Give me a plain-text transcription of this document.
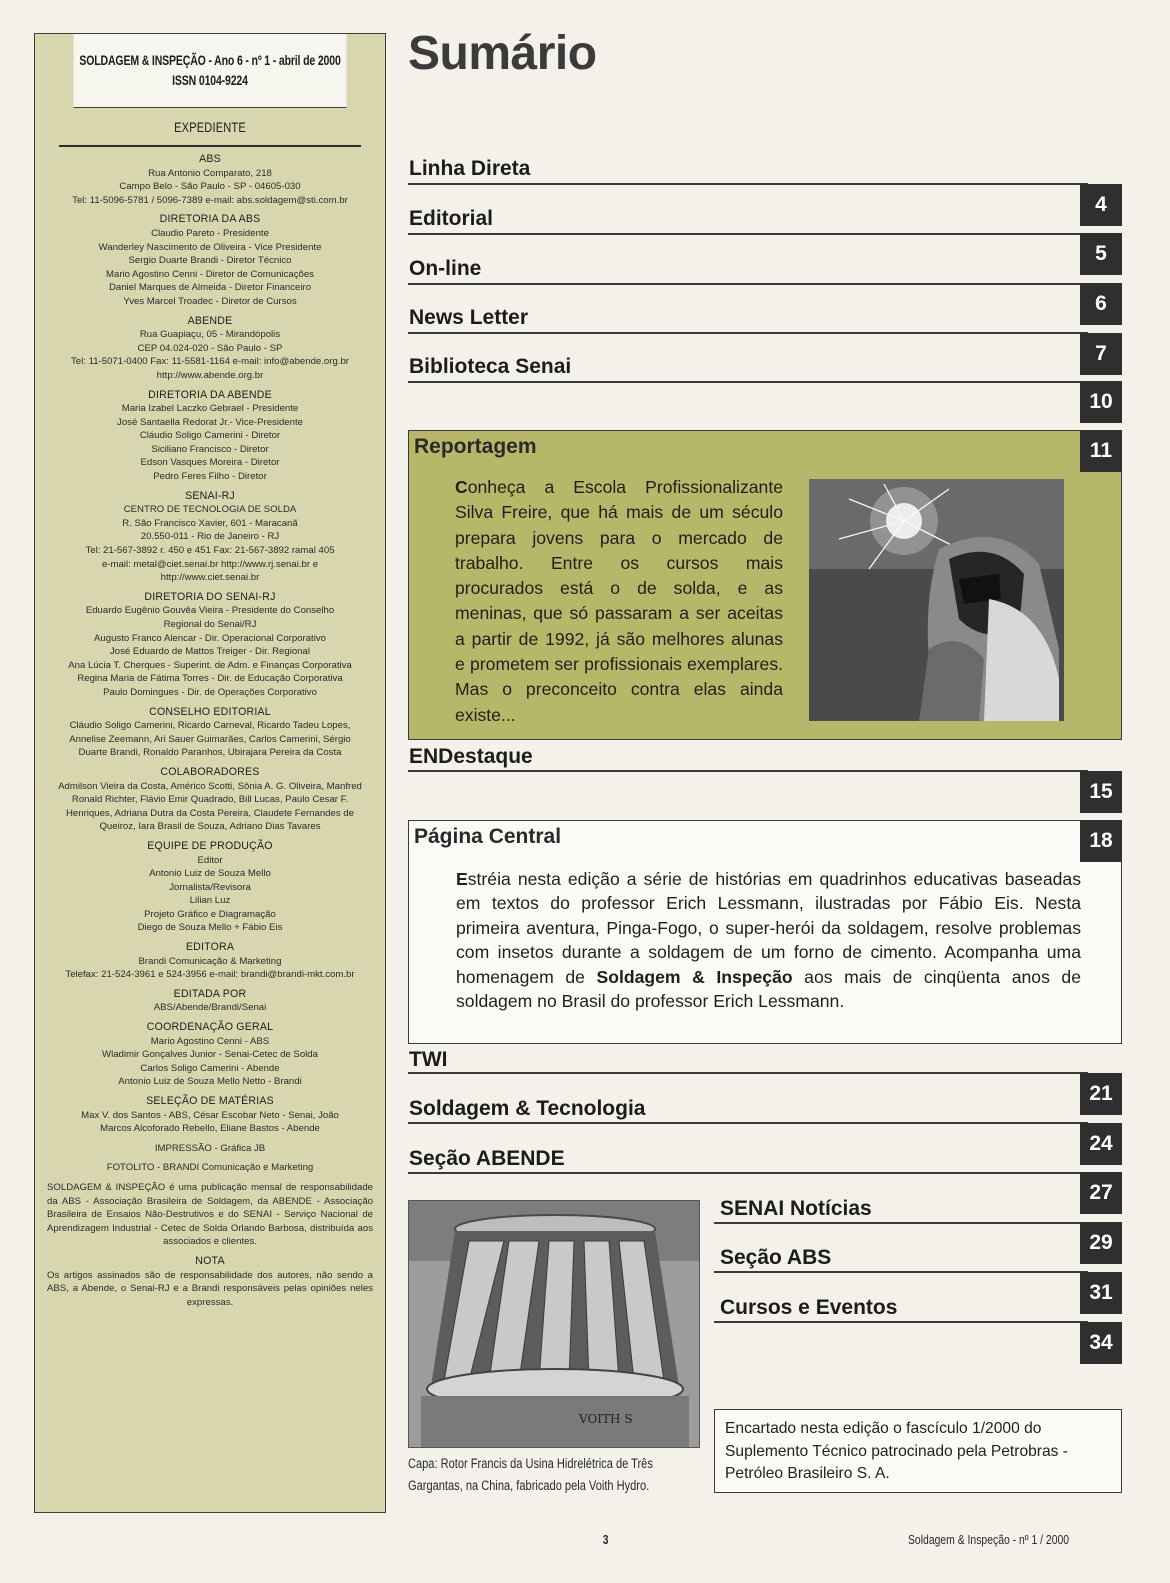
SOLDAGEM & INSPEÇÃO - Ano 6 - nº 1 - abril de 2000
ISSN 0104-9224
EXPEDIENTE
ABS
Rua Antonio Comparato, 218
Campo Belo - São Paulo - SP - 04605-030
Tel: 11-5096-5781 / 5096-7389 e-mail: abs.soldagem@sti.com.br
DIRETORIA DA ABS
Claudio Pareto - Presidente
Wanderley Nascimento de Oliveira - Vice Presidente
Sergio Duarte Brandi - Diretor Técnico
Mario Agostino Cenni - Diretor de Comunicações
Daniel Marques de Almeida - Diretor Financeiro
Yves Marcel Troadec - Diretor de Cursos
ABENDE
Rua Guapiaçu, 05 - Mirandópolis
CEP 04.024-020 - São Paulo - SP
Tel: 11-5071-0400 Fax: 11-5581-1164 e-mail: info@abende.org.br
http://www.abende.org.br
DIRETORIA DA ABENDE
Maria Izabel Laczko Gebrael - Presidente
José Santaella Redorat Jr.- Vice-Presidente
Cláudio Soligo Camerini - Diretor
Siciliano Francisco - Diretor
Edson Vasques Moreira - Diretor
Pedro Feres Filho - Diretor
SENAI-RJ
CENTRO DE TECNOLOGIA DE SOLDA
R. São Francisco Xavier, 601 - Maracanã
20.550-011 - Rio de Janeiro - RJ
Tel: 21-567-3892 r. 450 e 451 Fax: 21-567-3892 ramal 405
e-mail: metal@ciet.senai.br http://www.rj.senai.br e
http://www.ciet.senai.br
DIRETORIA DO SENAI-RJ
Eduardo Eugênio Gouvêa Vieira - Presidente do Conselho
Regional do Senai/RJ
Augusto Franco Alencar - Dir. Operacional Corporativo
José Eduardo de Mattos Treiger - Dir. Regional
Ana Lúcia T. Cherques - Superint. de Adm. e Finanças Corporativa
Regina Maria de Fátima Torres - Dir. de Educação Corporativa
Paulo Domingues - Dir. de Operações Corporativo
CONSELHO EDITORIAL
Cláudio Soligo Camerini, Ricardo Carneval, Ricardo Tadeu Lopes,
Annelise Zeemann, Ari Sauer Guimarães, Carlos Camerini, Sérgio
Duarte Brandi, Ronaldo Paranhos, Ubirajara Pereira da Costa
COLABORADORES
Admilson Vieira da Costa, Américo Scotti, Sônia A. G. Oliveira, Manfred
Ronald Richter, Flávio Emir Quadrado, Bill Lucas, Paulo Cesar F.
Henriques, Adriana Dutra da Costa Pereira, Claudete Fernandes de
Queiroz, Iara Brasil de Souza, Adriano Dias Tavares
EQUIPE DE PRODUÇÃO
Editor
Antonio Luiz de Souza Mello
Jornalista/Revisora
Lilian Luz
Projeto Gráfico e Diagramação
Diego de Souza Mello + Fábio Eis
EDITORA
Brandi Comunicação & Marketing
Telefax: 21-524-3961 e 524-3956 e-mail: brandi@brandi-mkt.com.br
EDITADA POR
ABS/Abende/Brandi/Senai
COORDENAÇÃO GERAL
Mario Agostino Cenni - ABS
Wladimir Gonçalves Junior - Senai-Cetec de Solda
Carlos Soligo Camerini - Abende
Antonio Luiz de Souza Mello Netto - Brandi
SELEÇÃO DE MATÉRIAS
Max V. dos Santos - ABS, César Escobar Neto - Senai, João
Marcos Alcoforado Rebello, Eliane Bastos - Abende
IMPRESSÃO - Gráfica JB
FOTOLITO - BRANDI Comunicação e Marketing
SOLDAGEM & INSPEÇÃO é uma publicação mensal de responsabilidade da ABS - Associação Brasileira de Soldagem, da ABENDE - Associação Brasileira de Ensaios Não-Destrutivos e do SENAI - Serviço Nacional de Aprendizagem Industrial - Cetec de Solda Orlando Barbosa, distribuída aos associados e clientes.
NOTA
Os artigos assinados são de responsabilidade dos autores, não sendo a ABS, a Abende, o Senai-RJ e a Brandi responsáveis pelas opiniões neles expressas.
Sumário
Linha Direta
4
Editorial
5
On-line
6
News Letter
7
Biblioteca Senai
10
Reportagem
Conheça a Escola Profissionalizante Silva Freire, que há mais de um século prepara jovens para o mercado de trabalho. Entre os cursos mais procurados está o de solda, e as meninas, que só passaram a ser aceitas a partir de 1992, já são melhores alunas e prometem ser profissionais exemplares. Mas o preconceito contra elas ainda existe...
11
ENDestaque
15
Página Central
Estréia nesta edição a série de histórias em quadrinhos educativas baseadas em textos do professor Erich Lessmann, ilustradas por Fábio Eis. Nesta primeira aventura, Pinga-Fogo, o super-herói da soldagem, resolve problemas com insetos durante a soldagem de um forno de cimento. Acompanha uma homenagem de Soldagem & Inspeção aos mais de cinqüenta anos de soldagem no Brasil do professor Erich Lessmann.
18
TWI
21
Soldagem & Tecnologia
24
Seção ABENDE
27
SENAI Notícias
29
Seção ABS
31
Cursos e Eventos
34
VOITH S
Capa: Rotor Francis da Usina Hidrelétrica de Três Gargantas, na China, fabricado pela Voith Hydro.
Encartado nesta edição o fascículo 1/2000 do Suplemento Técnico patrocinado pela Petrobras - Petróleo Brasileiro S. A.
3	Soldagem & Inspeção - nº 1 / 2000
